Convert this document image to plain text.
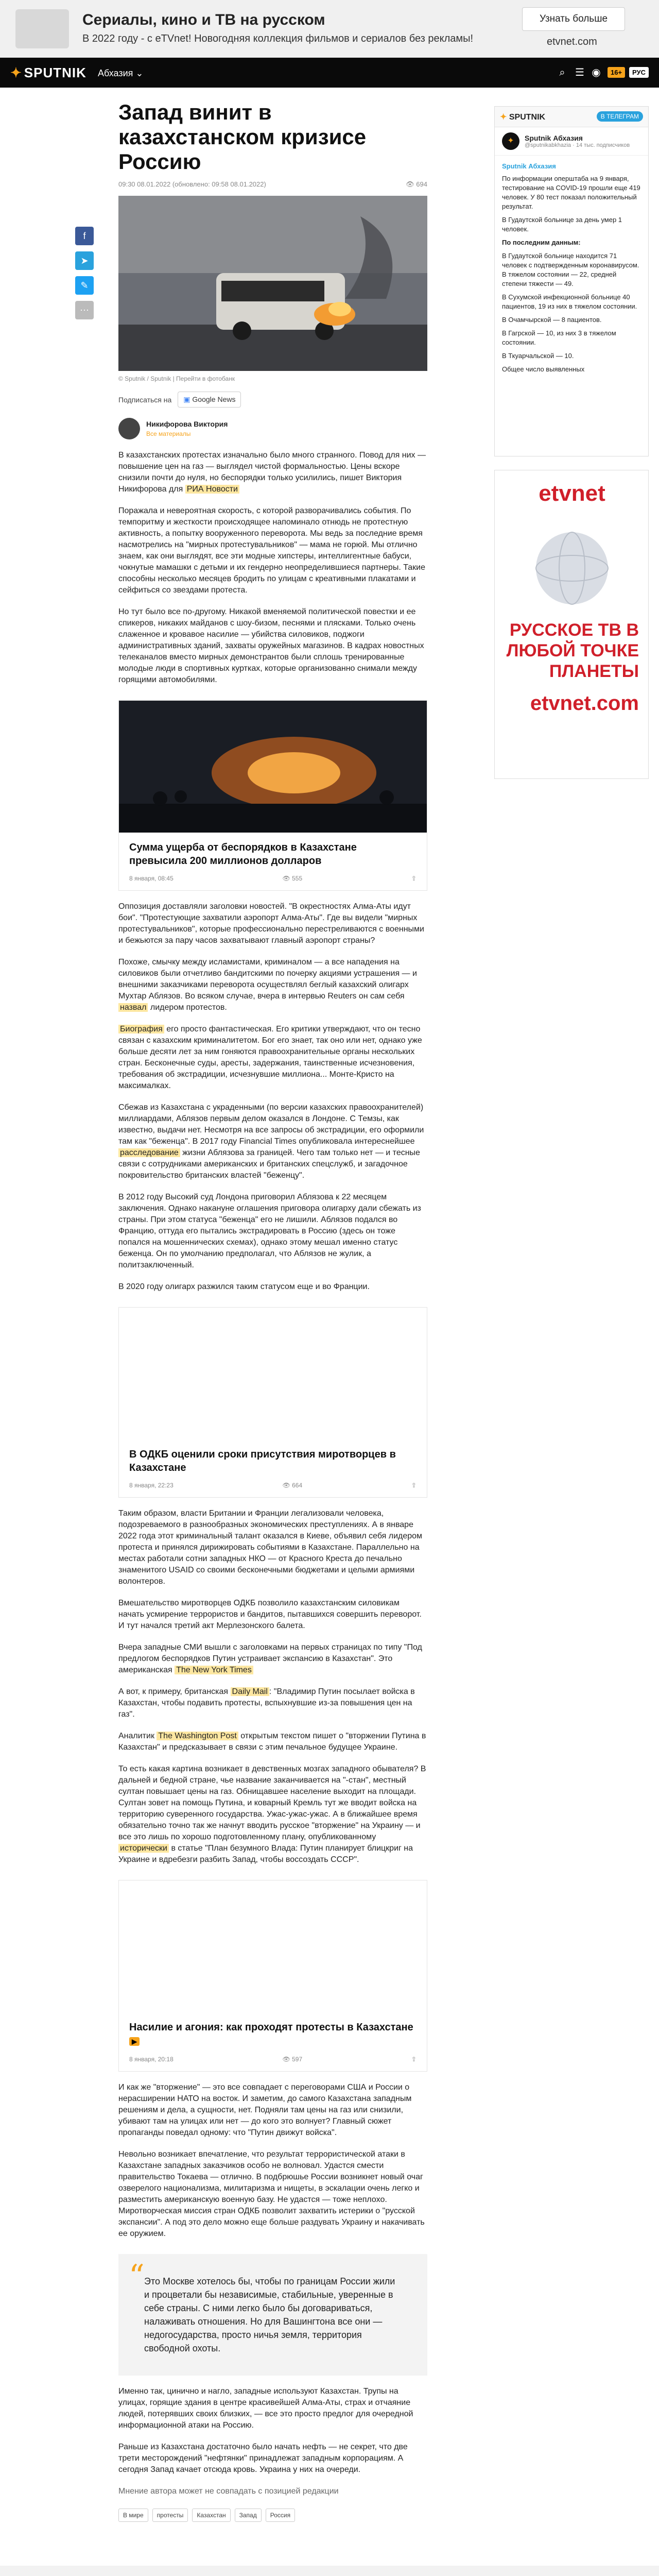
Сериалы, кино и ТВ на русском
В 2022 году - с eTVnet! Новогодняя коллекция фильмов и сериалов без рекламы!
Узнать больше
etvnet.com
✦ SPUTNIK Абхазия ⌄	⌕ ☰ ◉	16+	РУС
f
➤
✎
⋯
Запад винит в казахстанском кризисе Россию
09:30 08.01.2022 (обновлено: 09:58 08.01.2022)	👁 694
© Sputnik / Sputnik | Перейти в фотобанк
Подписаться на	▣ Google News
Никифорова Виктория
Все материалы

В казахстанских протестах изначально было много странного. Повод для них — повышение цен на газ — выглядел чистой формальностью. Цены вскоре снизили почти до нуля, но беспорядки только усилились, пишет Виктория Никифорова для РИА Новости

Поражала и невероятная скорость, с которой разворачивались события. По темпоритму и жесткости происходящее напоминало отнюдь не протестную активность, а попытку вооруженного переворота. Мы ведь за последние время насмотрелись на "мирных протестувальников" — мама не горюй. Мы отлично знаем, как они выглядят, все эти модные хипстеры, интеллигентные бабуси, чокнутые мамашки с детьми и их гендерно неопределившиеся партнеры. Такие способны несколько месяцев бродить по улицам с креативными плакатами и сейфиться со звездами протеста.

Но тут было все по-другому. Никакой вменяемой политической повестки и ее спикеров, никаких майданов с шоу-бизом, песнями и плясками. Только очень слаженное и кровавое насилие — убийства силовиков, поджоги административных зданий, захваты оружейных магазинов. В кадрах новостных телеканалов вместо мирных демонстрантов были сплошь тренированные молодые люди в спортивных куртках, которые организованно снимали между горящими автомобилями.

Сумма ущерба от беспорядков в Казахстане превысила 200 миллионов долларов
8 января, 08:45	👁 555	⇪

Оппозиция доставляли заголовки новостей. "В окрестностях Алма-Аты идут бои". "Протестующие захватили аэропорт Алма-Аты". Где вы видели "мирных протестувальников", которые профессионально перестреливаются с военными и бежьются за пару часов захватывают главный аэропорт страны?

Похоже, смычку между исламистами, криминалом — а все нападения на силовиков были отчетливо бандитскими по почерку акциями устрашения — и внешними заказчиками переворота осуществлял беглый казахский олигарх Мухтар Аблязов. Во всяком случае, вчера в интервью Reuters он сам себя назвал лидером протестов.

Биография его просто фантастическая. Его критики утверждают, что он тесно связан с казахским криминалитетом. Бог его знает, так оно или нет, однако уже больше десяти лет за ним гоняются правоохранительные органы нескольких стран. Бесконечные суды, аресты, задержания, таинственные исчезновения, требования об экстрадиции, исчезнувшие миллиона... Монте-Кристо на максималках.

Сбежав из Казахстана с украденными (по версии казахских правоохранителей) миллиардами, Аблязов первым делом оказался в Лондоне. С Темзы, как известно, выдачи нет. Несмотря на все запросы об экстрадиции, его оформили там как "беженца". В 2017 году Financial Times опубликовала интереснейшее расследование жизни Аблязова за границей. Чего там только нет — и тесные связи с сотрудниками американских и британских спецслужб, и загадочное покровительство британских властей "беженцу".

В 2012 году Высокий суд Лондона приговорил Аблязова к 22 месяцем заключения. Однако накануне оглашения приговора олигарху дали сбежать из страны. При этом статуса "беженца" его не лишили. Аблязов подался во Францию, оттуда его пытались экстрадировать в Россию (здесь он тоже попался на мошеннических схемах), однако этому мешал именно статус беженца. Он по умолчанию предполагал, что Аблязов не жулик, а политзаключенный.

В 2020 году олигарх разжился таким статусом еще и во Франции.

В ОДКБ оценили сроки присутствия миротворцев в Казахстане
8 января, 22:23	👁 664	⇪

Таким образом, власти Британии и Франции легализовали человека, подозреваемого в разнообразных экономических преступлениях. А в январе 2022 года этот криминальный талант оказался в Киеве, объявил себя лидером протеста и принялся дирижировать событиями в Казахстане. Параллельно на местах работали сотни западных НКО — от Красного Креста до печально знаменитого USAID со своими бесконечными бюджетами и целыми армиями волонтеров.

Вмешательство миротворцев ОДКБ позволило казахстанским силовикам начать усмирение террористов и бандитов, пытавшихся совершить переворот. И тут начался третий акт Мерлезонского балета.

Вчера западные СМИ вышли с заголовками на первых страницах по типу "Под предлогом беспорядков Путин устраивает экспансию в Казахстан". Это американская The New York Times

А вот, к примеру, британская Daily Mail : "Владимир Путин посылает войска в Казахстан, чтобы подавить протесты, вспыхнувшие из-за повышения цен на газ".

Аналитик The Washington Post открытым текстом пишет о "вторжении Путина в Казахстан" и предсказывает в связи с этим печальное будущее Украине.

То есть какая картина возникает в девственных мозгах западного обывателя? В дальней и бедной стране, чье название заканчивается на "-стан", местный султан повышает цены на газ. Обнищавшее население выходит на площади. Султан зовет на помощь Путина, и коварный Кремль тут же вводит войска на территорию суверенного государства. Ужас-ужас-ужас. А в ближайшее время обязательно точно так же начнут вводить русское "вторжение" на Украину — и все это лишь по хорошо подготовленному плану, опубликованному исторически в статье "План безумного Влада: Путин планирует блицкриг на Украине и вдребезги разбить Запад, чтобы воссоздать СССР".

Насилие и агония: как проходят протесты в Казахстане ▶
8 января, 20:18	👁 597	⇪

И как же "вторжение" — это все совпадает с переговорами США и России о нерасширении НАТО на восток. И заметим, до самого Казахстана западным решениям и дела, а сущности, нет. Подняли там цены на газ или снизили, убивают там на улицах или нет — до кого это волнует? Главный сюжет пропаганды поведал одному: что "Путин движут войска".

Невольно возникает впечатление, что результат террористической атаки в Казахстане западных заказчиков особо не волновал. Удастся смести правительство Токаева — отлично. В подбрюшье России возникнет новый очаг озверелого национализма, милитаризма и нищеты, в эскалации очень легко и разместить американскую военную базу. Не удастся — тоже неплохо. Миротворческая миссия стран ОДКБ позволит захватить истерики о "русской экспансии". А под это дело можно еще больше раздувать Украину и накачивать ее оружием.

“ Это Москве хотелось бы, чтобы по границам России жили и процветали бы независимые, стабильные, уверенные в себе страны. С ними легко было бы договариваться, налаживать отношения. Но для Вашингтона все они — недогосударства, просто ничья земля, территория свободной охоты.

Именно так, цинично и нагло, западные используют Казахстан. Трупы на улицах, горящие здания в центре красивейшей Алма-Аты, страх и отчаяние людей, потерявших своих близких, — все это просто предлог для очередной информационной атаки на Россию.

Раньше из Казахстана достаточно было начать нефть — не секрет, что две трети месторождений "нефтянки" принадлежат западным корпорациям. А сегодня Запад качает отсюда кровь. Украина у них на очереди.

Мнение автора может не совпадать с позицией редакции

В мире	протесты	Казахстан	Запад	Россия
✦ SPUTNIK	В ТЕЛЕГРАМ
✦	Sputnik Абхазия
@sputnikabkhazia · 14 тыс. подписчиков
Sputnik Абхазия

По информации оперштаба на 9 января, тестирование на COVID-19 прошли еще 419 человек. У 80 тест показал положительный результат.

В Гудаутской больнице за день умер 1 человек.

По последним данным:

В Гудаутской больнице находится 71 человек с подтвержденным коронавирусом. В тяжелом состоянии — 22, средней степени тяжести — 49.

В Сухумской инфекционной больнице 40 пациентов, 19 из них в тяжелом состоянии.

В Очамчырской — 8 пациентов.

В Гагрской — 10, из них 3 в тяжелом состоянии.

В Ткуарчальской — 10.

Общее число выявленных

etvnet
РУССКОЕ ТВ В ЛЮБОЙ ТОЧКЕ ПЛАНЕТЫ
etvnet.com
